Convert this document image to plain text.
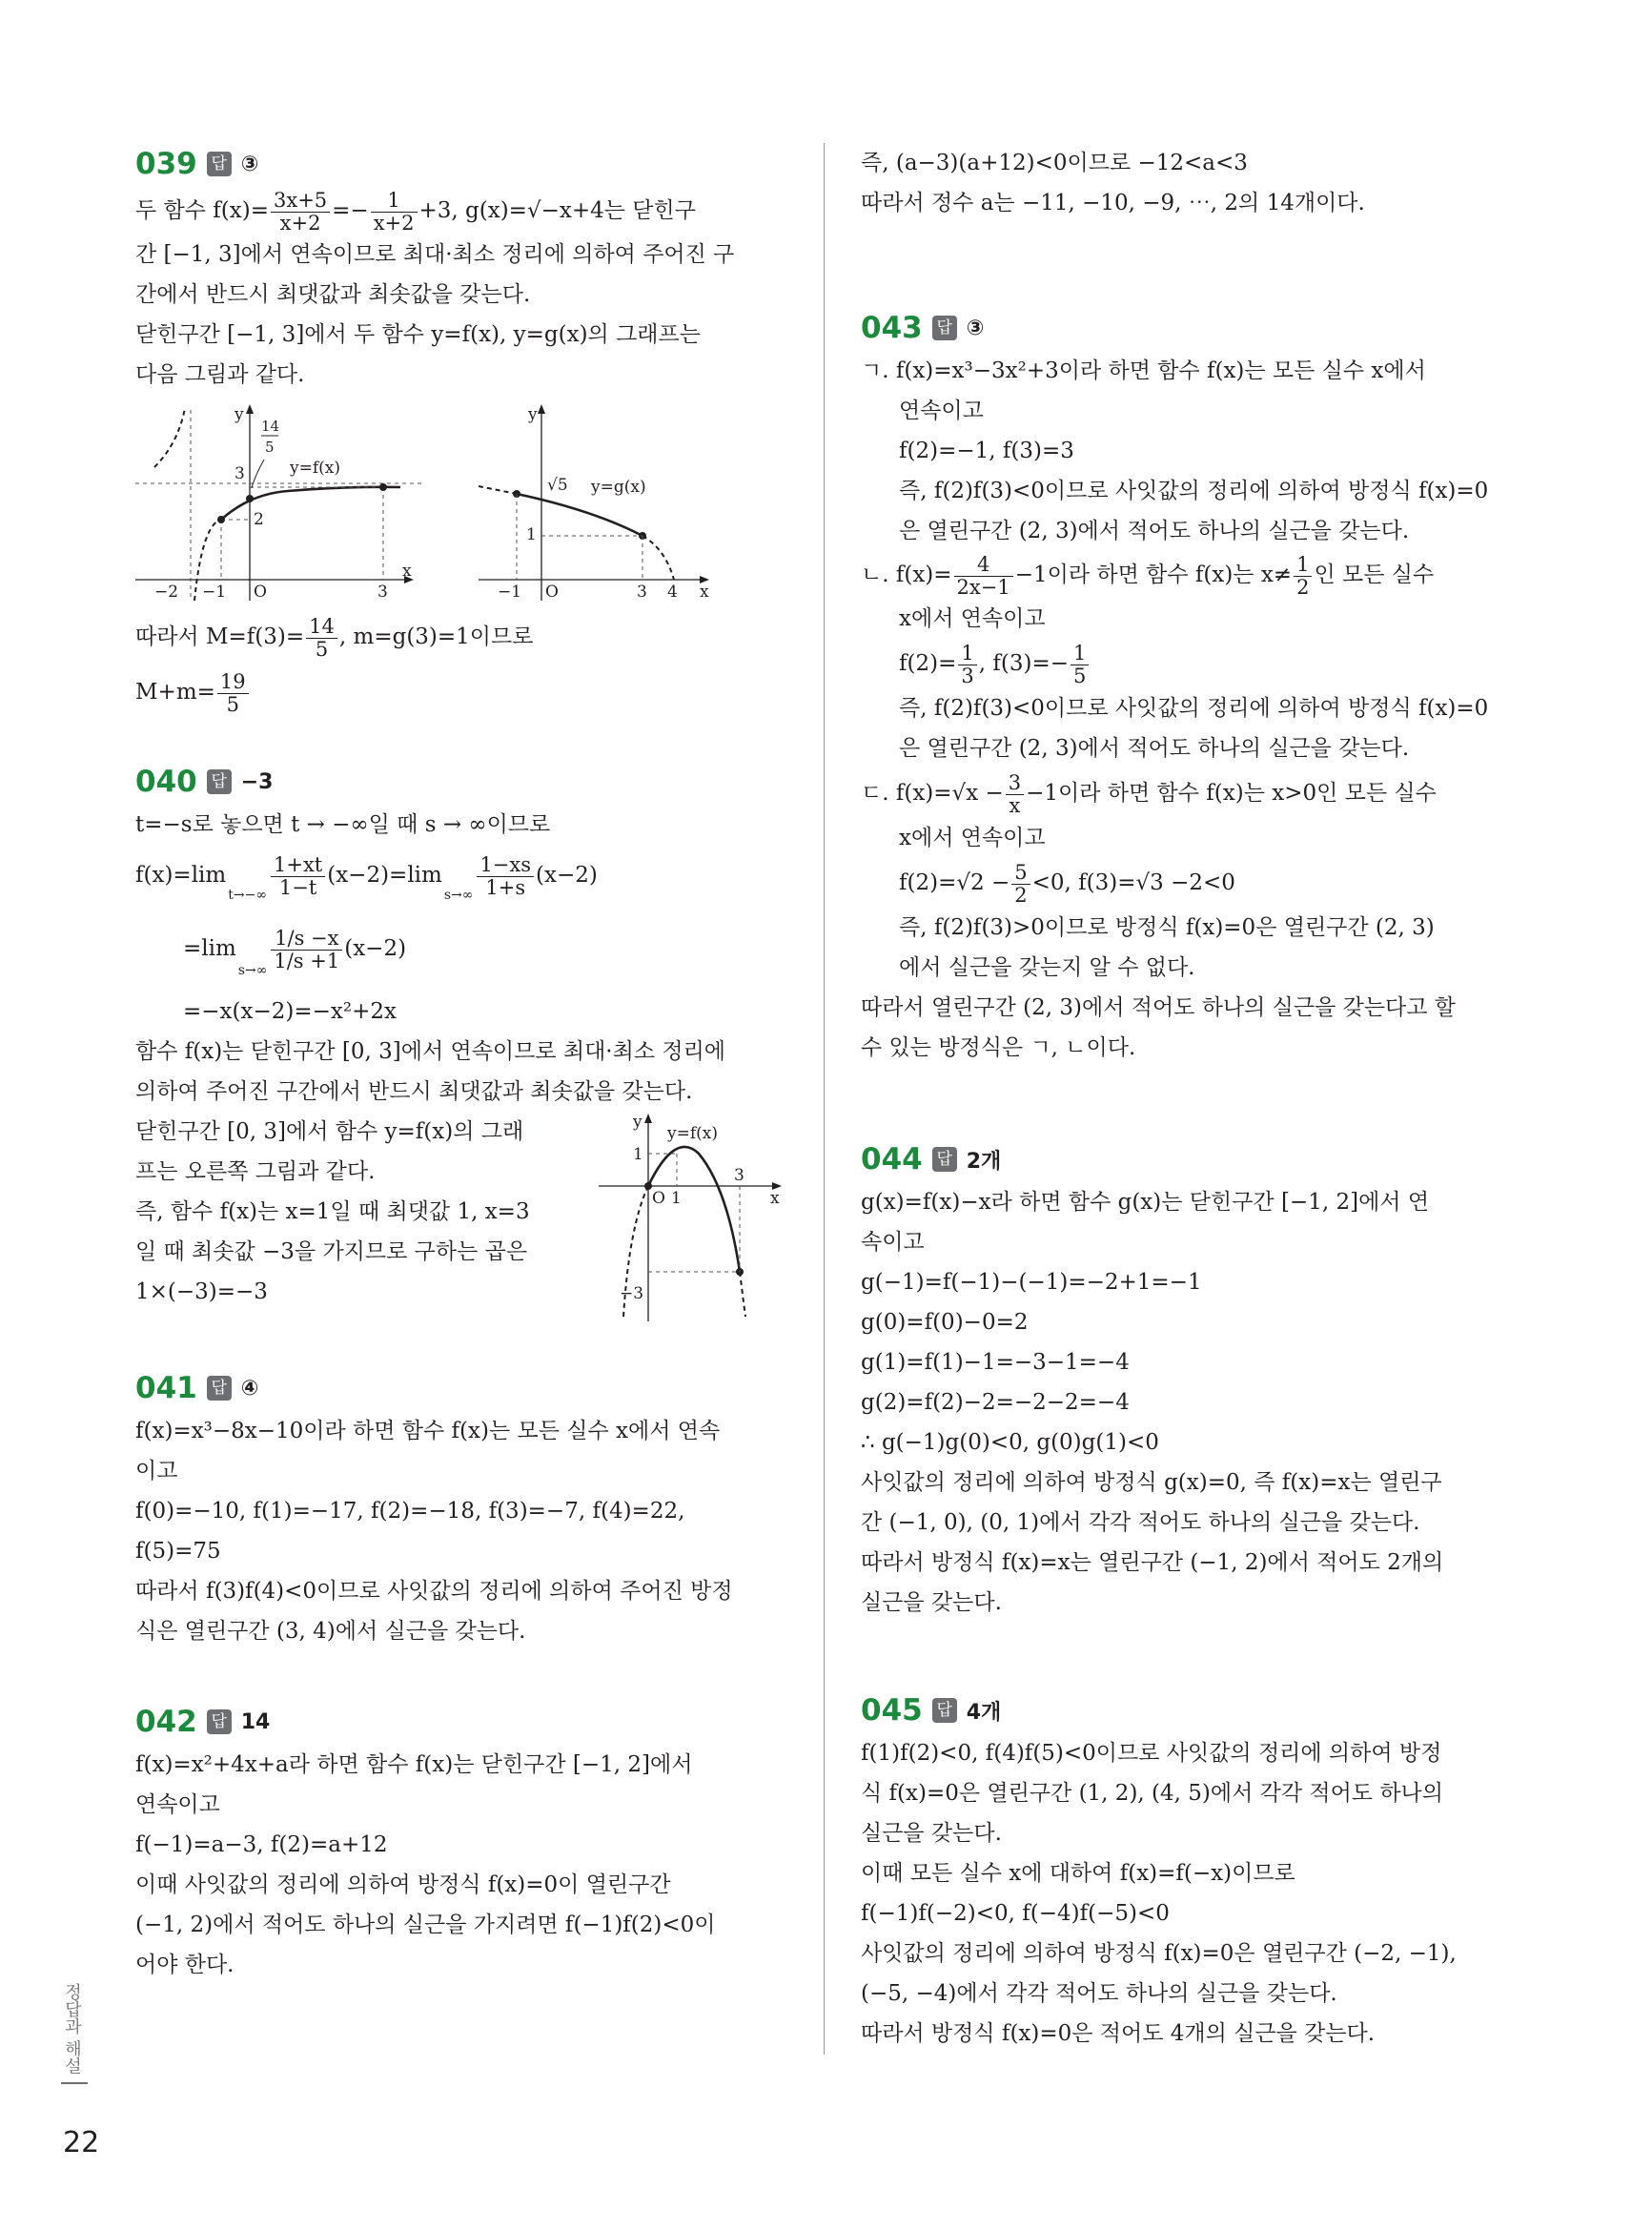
039 답 ③
두 함수 $f(x)= \frac{3x+5}{x+2} =- \frac{1}{x+2} +3$, g(x)=√−x+4는 닫힌구
간 [−1, 3]에서 연속이므로 최대·최소 정리에 의하여 주어진 구
간에서 반드시 최댓값과 최솟값을 갖는다.
닫힌구간 [−1, 3]에서 두 함수 y=f(x), y=g(x)의 그래프는
다음 그림과 같다.
y
x
O
14
5
3
2
y=f(x)
−2 −1	3
y
x
O
√5
1
y=g(x)
−1	3 4
따라서 $M=f(3)= \frac{14}{5}$ , m=g(3)=1이므로
$M+m= \frac{19}{5}$
040 답 −3
t=−s로 놓으면 t → −∞일 때 s → ∞이므로
$f(x)=\lim t\to-\infty \frac{1+xt}{1-t} (x-2)=\lim s\to\infty \frac{1-xs}{1+s} (x-2)$
$=\lim s\to\infty \frac{1/s -x}{1/s +1} (x-2)$
=−x(x−2)=−x²+2x
함수 f(x)는 닫힌구간 [0, 3]에서 연속이므로 최대·최소 정리에
의하여 주어진 구간에서 반드시 최댓값과 최솟값을 갖는다.
닫힌구간 [0, 3]에서 함수 y=f(x)의 그래
프는 오른쪽 그림과 같다.
즉, 함수 f(x)는 x=1일 때 최댓값 1, x=3
일 때 최솟값 −3을 가지므로 구하는 곱은
1×(−3)=−3
y
x
O
1
1
3
−3
y=f(x)
041 답 ④
f(x)=x³−8x−10이라 하면 함수 f(x)는 모든 실수 x에서 연속
이고
f(0)=−10, f(1)=−17, f(2)=−18, f(3)=−7, f(4)=22,
f(5)=75
따라서 f(3)f(4)<0이므로 사잇값의 정리에 의하여 주어진 방정
식은 열린구간 (3, 4)에서 실근을 갖는다.
042 답 14
f(x)=x²+4x+a라 하면 함수 f(x)는 닫힌구간 [−1, 2]에서
연속이고
f(−1)=a−3, f(2)=a+12
이때 사잇값의 정리에 의하여 방정식 f(x)=0이 열린구간
(−1, 2)에서 적어도 하나의 실근을 가지려면 f(−1)f(2)<0이
어야 한다.
즉, (a−3)(a+12)<0이므로 −12<a<3
따라서 정수 a는 −11, −10, −9, ⋯, 2의 14개이다.
043 답 ③
ㄱ. f(x)=x³−3x²+3이라 하면 함수 f(x)는 모든 실수 x에서
연속이고
f(2)=−1, f(3)=3
즉, f(2)f(3)<0이므로 사잇값의 정리에 의하여 방정식 f(x)=0
은 열린구간 (2, 3)에서 적어도 하나의 실근을 갖는다.
ㄴ. $f(x)= \frac{4}{2x-1} -1$이라 하면 함수 f(x)는 $x\ne \frac{1}{2}$ 인 모든 실수
x에서 연속이고
$f(2)= \frac{1}{3}$ , $f(3)=- \frac{1}{5}$
즉, f(2)f(3)<0이므로 사잇값의 정리에 의하여 방정식 f(x)=0
은 열린구간 (2, 3)에서 적어도 하나의 실근을 갖는다.
ㄷ. $f(x)=√x - \frac{3}{x} -1$이라 하면 함수 f(x)는 x>0인 모든 실수
x에서 연속이고
$f(2)=√2 - \frac{5}{2} <0$, f(3)=√3 −2<0
즉, f(2)f(3)>0이므로 방정식 f(x)=0은 열린구간 (2, 3)
에서 실근을 갖는지 알 수 없다.
따라서 열린구간 (2, 3)에서 적어도 하나의 실근을 갖는다고 할
수 있는 방정식은 ㄱ, ㄴ이다.
044 답 2개
g(x)=f(x)−x라 하면 함수 g(x)는 닫힌구간 [−1, 2]에서 연
속이고
g(−1)=f(−1)−(−1)=−2+1=−1
g(0)=f(0)−0=2
g(1)=f(1)−1=−3−1=−4
g(2)=f(2)−2=−2−2=−4
∴ g(−1)g(0)<0, g(0)g(1)<0
사잇값의 정리에 의하여 방정식 g(x)=0, 즉 f(x)=x는 열린구
간 (−1, 0), (0, 1)에서 각각 적어도 하나의 실근을 갖는다.
따라서 방정식 f(x)=x는 열린구간 (−1, 2)에서 적어도 2개의
실근을 갖는다.
045 답 4개
f(1)f(2)<0, f(4)f(5)<0이므로 사잇값의 정리에 의하여 방정
식 f(x)=0은 열린구간 (1, 2), (4, 5)에서 각각 적어도 하나의
실근을 갖는다.
이때 모든 실수 x에 대하여 f(x)=f(−x)이므로
f(−1)f(−2)<0, f(−4)f(−5)<0
사잇값의 정리에 의하여 방정식 f(x)=0은 열린구간 (−2, −1),
(−5, −4)에서 각각 적어도 하나의 실근을 갖는다.
따라서 방정식 f(x)=0은 적어도 4개의 실근을 갖는다.
정답과 해설
22
